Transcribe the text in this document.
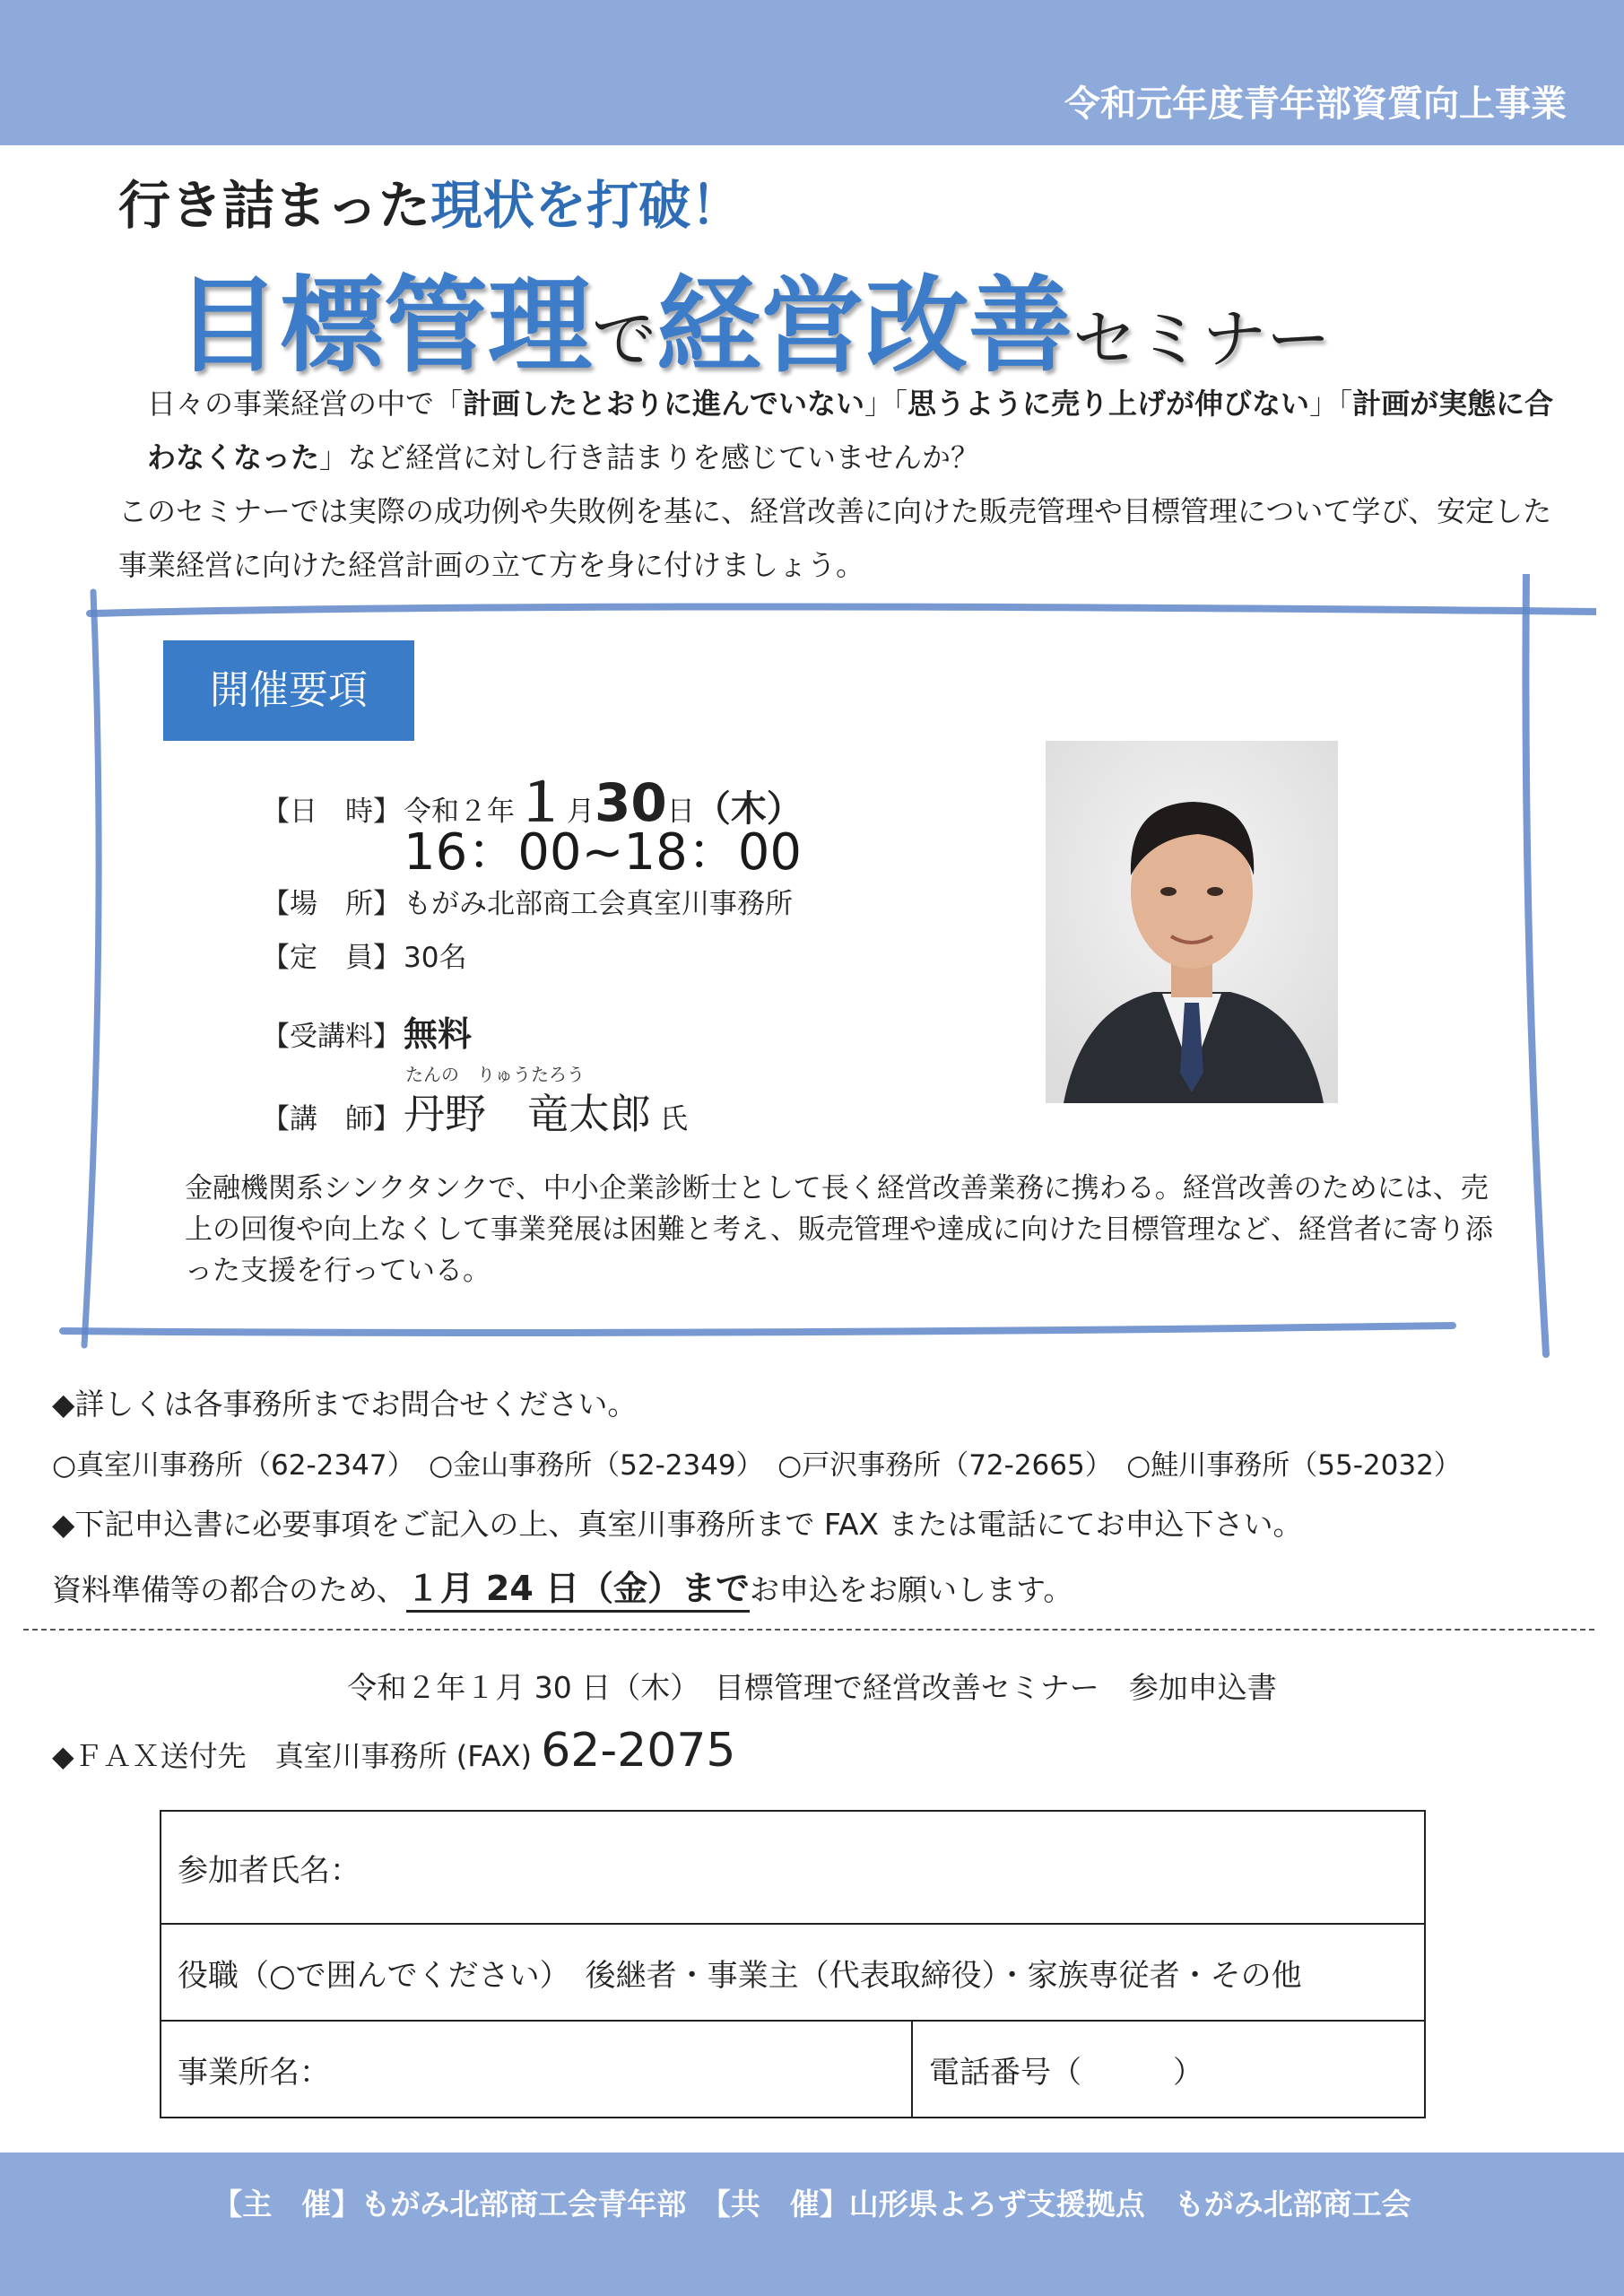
令和元年度青年部資質向上事業
行き詰まった現状を打破！
目標管理で経営改善セミナー
日々の事業経営の中で「計画したとおりに進んでいない」「思うように売り上げが伸びない」「計画が実態に合わなくなった」など経営に対し行き詰まりを感じていませんか？
このセミナーでは実際の成功例や失敗例を基に、経営改善に向けた販売管理や目標管理について学び、安定した事業経営に向けた経営計画の立て方を身に付けましょう。
開催要項
【日　時】令和２年１月30日（木）
16：00~18：00
【場　所】もがみ北部商工会真室川事務所
【定　員】30名
【受講料】無料
たんの　りゅうたろう
【講　師】丹野　竜太郎 氏
金融機関系シンクタンクで、中小企業診断士として長く経営改善業務に携わる。経営改善のためには、売上の回復や向上なくして事業発展は困難と考え、販売管理や達成に向けた目標管理など、経営者に寄り添った支援を行っている。
◆詳しくは各事務所までお問合せください。
○真室川事務所（62-2347）　○金山事務所（52-2349）　○戸沢事務所（72-2665）　○鮭川事務所（55-2032）
◆下記申込書に必要事項をご記入の上、真室川事務所まで FAX または電話にてお申込下さい。
資料準備等の都合のため、１月 24 日（金）までお申込をお願いします。
令和２年１月 30 日（木）　目標管理で経営改善セミナー　参加申込書
◆ＦＡＸ送付先　真室川事務所 (FAX) 62-2075
参加者氏名：
役職（○で囲んでください）　後継者・事業主（代表取締役）・家族専従者・その他
事業所名：	電話番号（　　　）
【主　催】もがみ北部商工会青年部　【共　催】山形県よろず支援拠点　もがみ北部商工会
